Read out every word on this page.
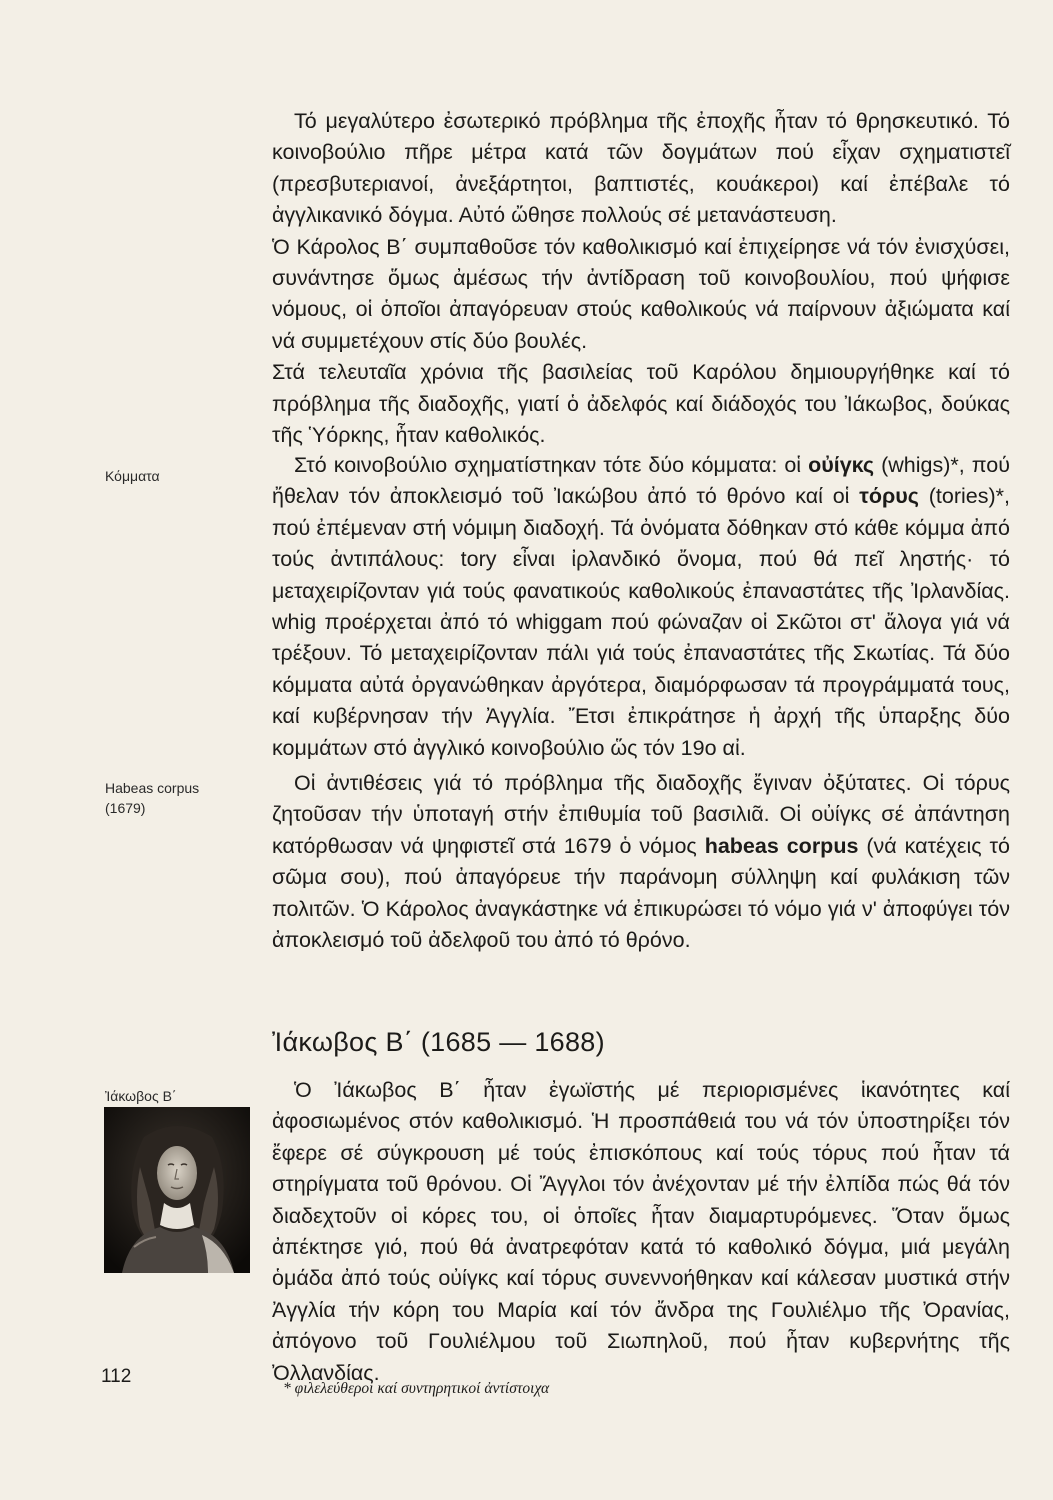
Τό μεγαλύτερο ἐσωτερικό πρόβλημα τῆς ἐποχῆς ἦταν τό θρησκευτικό. Τό κοινοβούλιο πῆρε μέτρα κατά τῶν δογμάτων πού εἶχαν σχηματιστεῖ (πρεσβυτεριανοί, ἀνεξάρτητοι, βαπτιστές, κουάκεροι) καί ἐπέβαλε τό ἀγγλικανικό δόγμα. Αὐτό ὤθησε πολλούς σέ μετανάστευση.

Ὁ Κάρολος Β΄ συμπαθοῦσε τόν καθολικισμό καί ἐπιχείρησε νά τόν ἐνισχύσει, συνάντησε ὅμως ἀμέσως τήν ἀντίδραση τοῦ κοινοβουλίου, πού ψήφισε νόμους, οἱ ὁποῖοι ἀπαγόρευαν στούς καθολικούς νά παίρνουν ἀξιώματα καί νά συμμετέχουν στίς δύο βουλές.

Στά τελευταῖα χρόνια τῆς βασιλείας τοῦ Καρόλου δημιουργήθηκε καί τό πρόβλημα τῆς διαδοχῆς, γιατί ὁ ἀδελφός καί διάδοχός του Ἰάκωβος, δούκας τῆς Ὑόρκης, ἦταν καθολικός.

Στό κοινοβούλιο σχηματίστηκαν τότε δύο κόμματα: οἱ οὐίγκς (whigs)*, πού ἤθελαν τόν ἀποκλεισμό τοῦ Ἰακώβου ἀπό τό θρόνο καί οἱ τόρυς (tories)*, πού ἐπέμεναν στή νόμιμη διαδοχή. Τά ὀνόματα δόθηκαν στό κάθε κόμμα ἀπό τούς ἀντιπάλους: tory εἶναι ἰρλανδικό ὄνομα, πού θά πεῖ ληστής· τό μεταχειρίζονταν γιά τούς φανατικούς καθολικούς ἐπαναστάτες τῆς Ἰρλανδίας. whig προέρχεται ἀπό τό whiggam πού φώναζαν οἱ Σκῶτοι στ' ἄλογα γιά νά τρέξουν. Τό μεταχειρίζονταν πάλι γιά τούς ἐπαναστάτες τῆς Σκωτίας. Τά δύο κόμματα αὐτά ὀργανώθηκαν ἀργότερα, διαμόρφωσαν τά προγράμματά τους, καί κυβέρνησαν τήν Ἀγγλία. Ἔτσι ἐπικράτησε ἡ ἀρχή τῆς ὑπαρξης δύο κομμάτων στό ἀγγλικό κοινοβούλιο ὥς τόν 19ο αἰ.

Οἱ ἀντιθέσεις γιά τό πρόβλημα τῆς διαδοχῆς ἔγιναν ὀξύτατες. Οἱ τόρυς ζητοῦσαν τήν ὑποταγή στήν ἐπιθυμία τοῦ βασιλιᾶ. Οἱ οὐίγκς σέ ἀπάντηση κατόρθωσαν νά ψηφιστεῖ στά 1679 ὁ νόμος habeas corpus (νά κατέχεις τό σῶμα σου), πού ἀπαγόρευε τήν παράνομη σύλληψη καί φυλάκιση τῶν πολιτῶν. Ὁ Κάρολος ἀναγκάστηκε νά ἐπικυρώσει τό νόμο γιά ν' ἀποφύγει τόν ἀποκλεισμό τοῦ ἀδελφοῦ του ἀπό τό θρόνο.

Ἰάκωβος Β΄ (1685 — 1688)

Ὁ Ἰάκωβος Β΄ ἦταν ἐγωϊστής μέ περιορισμένες ἱκανότητες καί ἀφοσιωμένος στόν καθολικισμό. Ἡ προσπάθειά του νά τόν ὑποστηρίξει τόν ἔφερε σέ σύγκρουση μέ τούς ἐπισκόπους καί τούς τόρυς πού ἦταν τά στηρίγματα τοῦ θρόνου. Οἱ Ἄγγλοι τόν ἀνέχονταν μέ τήν ἐλπίδα πώς θά τόν διαδεχτοῦν οἱ κόρες του, οἱ ὁποῖες ἦταν διαμαρτυρόμενες. Ὅταν ὅμως ἀπέκτησε γιό, πού θά ἀνατρεφόταν κατά τό καθολικό δόγμα, μιά μεγάλη ὁμάδα ἀπό τούς οὐίγκς καί τόρυς συνεννοήθηκαν καί κάλεσαν μυστικά στήν Ἀγγλία τήν κόρη του Μαρία καί τόν ἄνδρα της Γουλιέλμο τῆς Ὀρανίας, ἀπόγονο τοῦ Γουλιέλμου τοῦ Σιωπηλοῦ, πού ἦταν κυβερνήτης τῆς Ὀλλανδίας.

Κόμματα
Habeas corpus
(1679)
Ἰάκωβος Β΄
112
* φιλελεύθεροι καί συντηρητικοί ἀντίστοιχα
